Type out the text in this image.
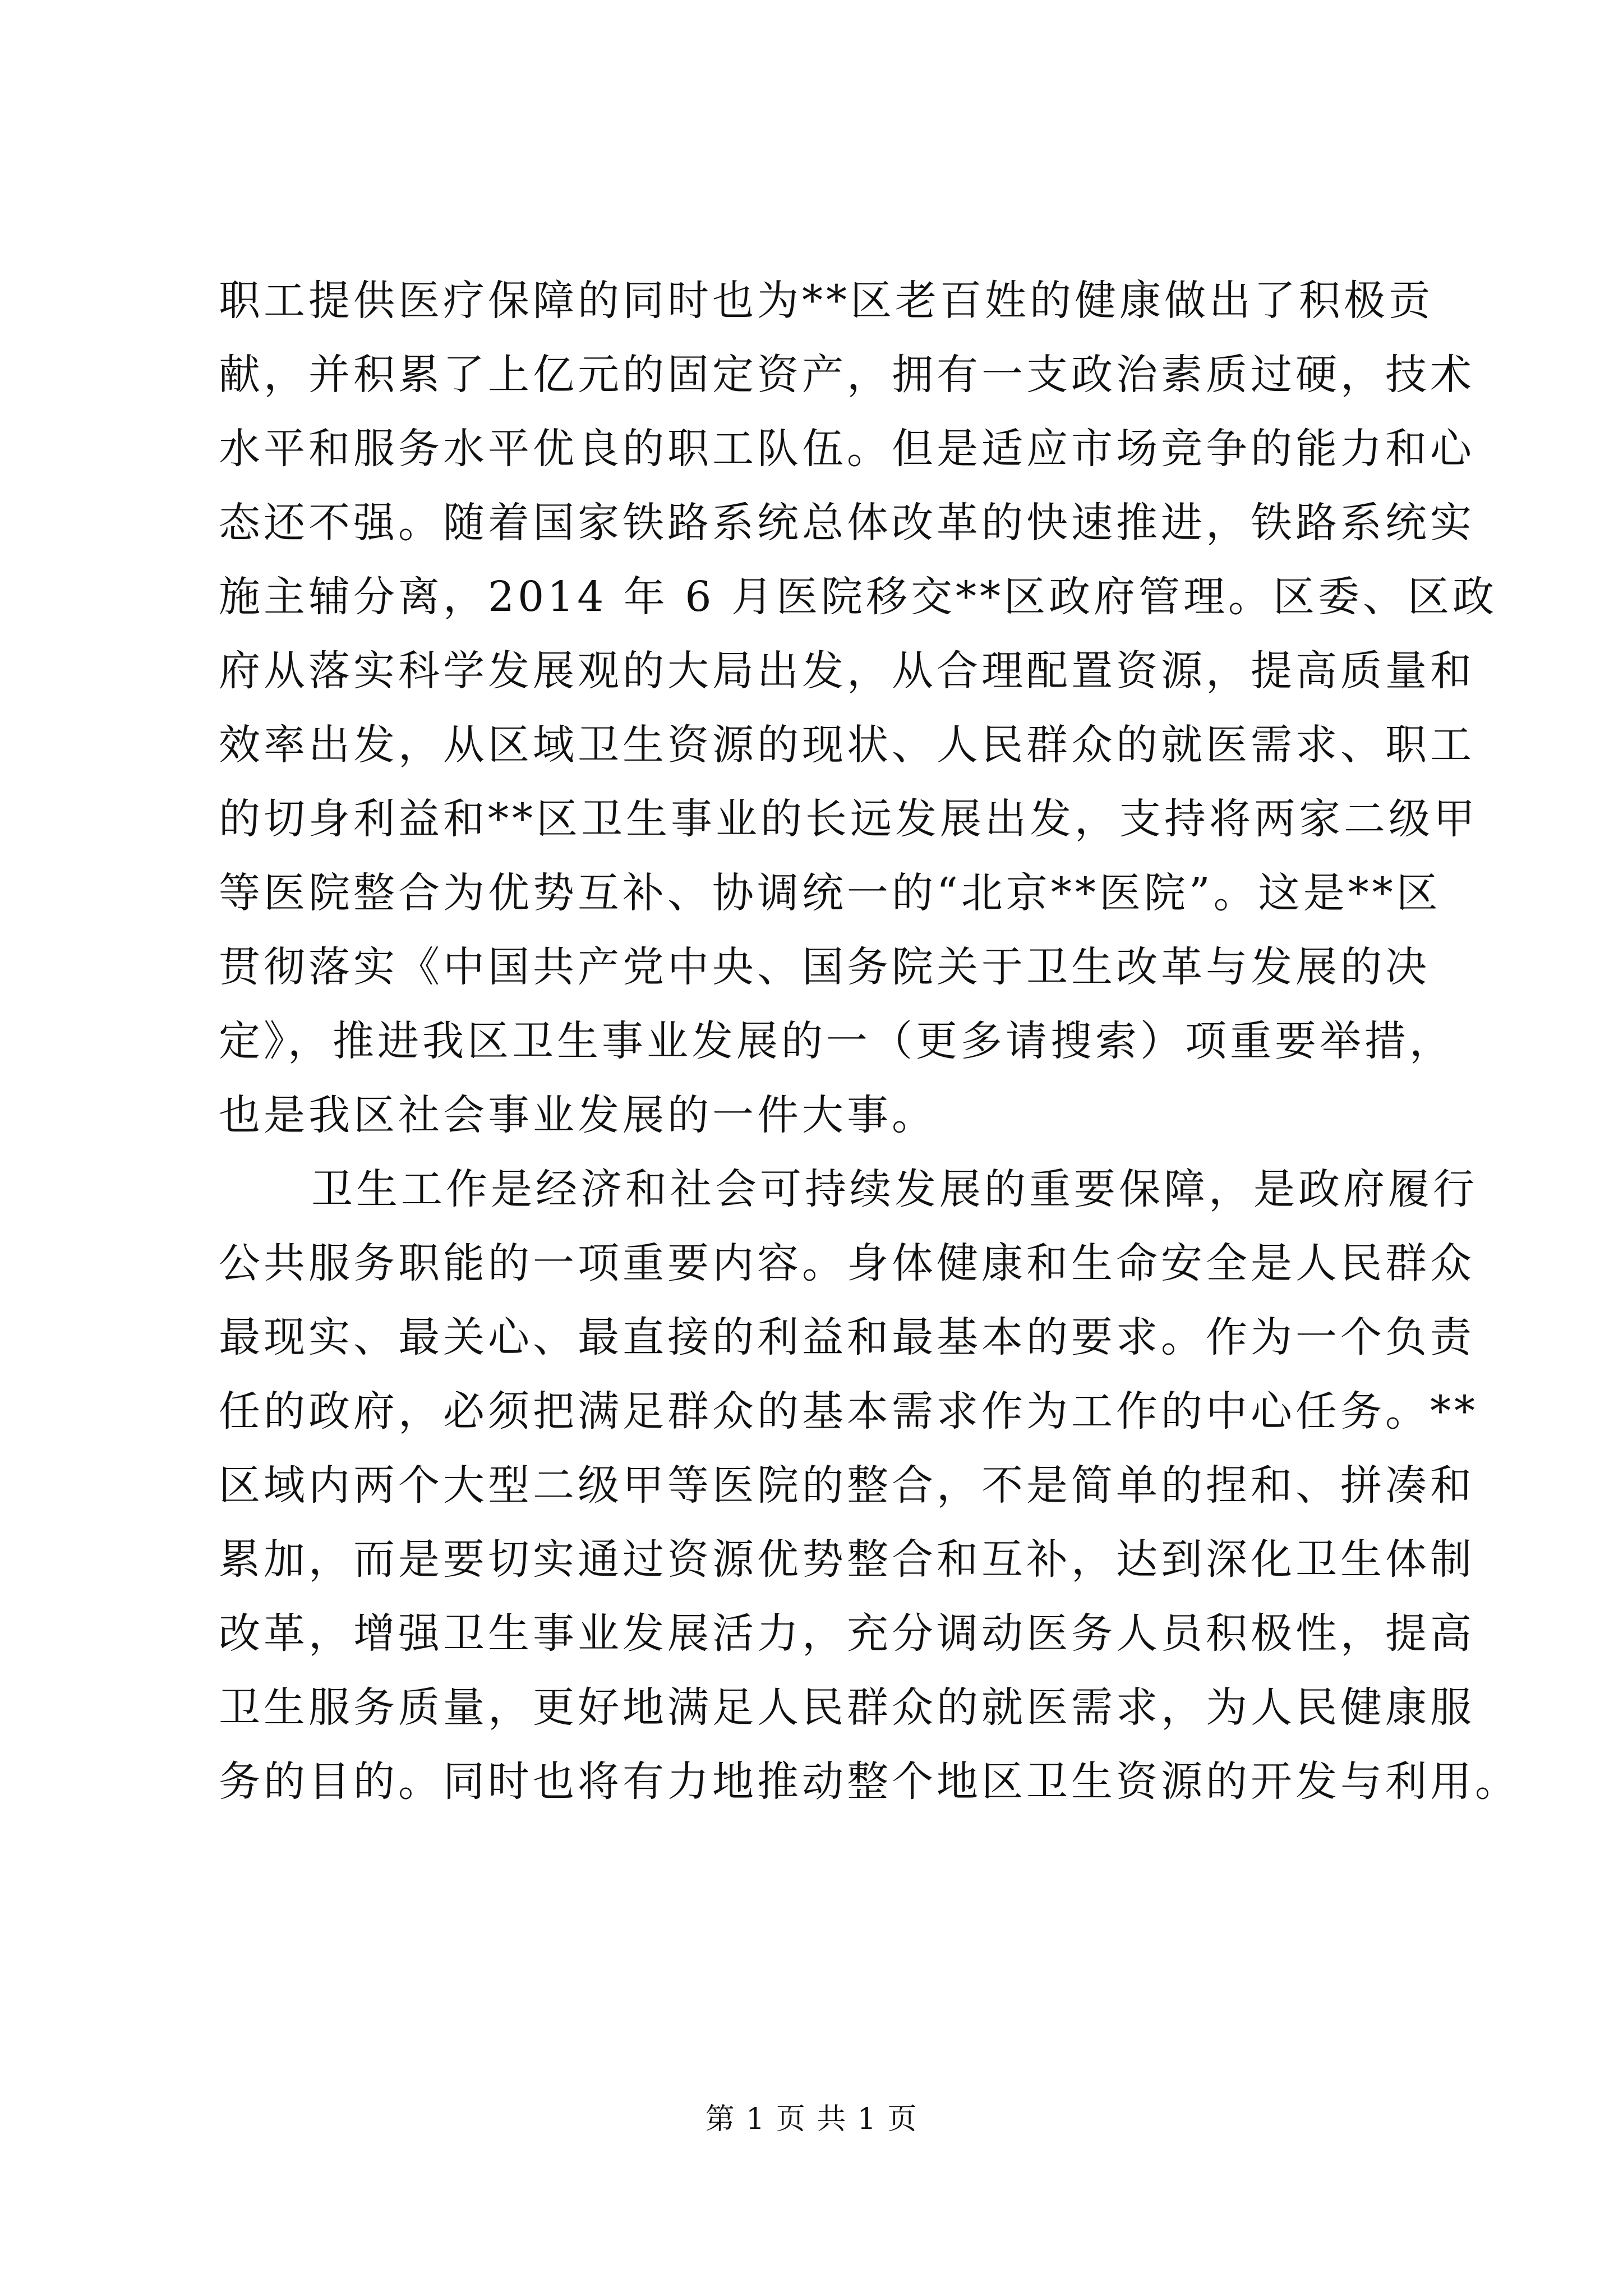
职工提供医疗保障的同时也为**区老百姓的健康做出了积极贡
献，并积累了上亿元的固定资产，拥有一支政治素质过硬，技术
水平和服务水平优良的职工队伍。但是适应市场竞争的能力和心
态还不强。随着国家铁路系统总体改革的快速推进，铁路系统实
施主辅分离，2014 年 6 月医院移交**区政府管理。区委、区政
府从落实科学发展观的大局出发，从合理配置资源，提高质量和
效率出发，从区域卫生资源的现状、人民群众的就医需求、职工
的切身利益和**区卫生事业的长远发展出发，支持将两家二级甲
等医院整合为优势互补、协调统一的“北京**医院”。这是**区
贯彻落实《中国共产党中央、国务院关于卫生改革与发展的决
定》，推进我区卫生事业发展的一（更多请搜索）项重要举措，
也是我区社会事业发展的一件大事。
卫生工作是经济和社会可持续发展的重要保障，是政府履行
公共服务职能的一项重要内容。身体健康和生命安全是人民群众
最现实、最关心、最直接的利益和最基本的要求。作为一个负责
任的政府，必须把满足群众的基本需求作为工作的中心任务。**
区域内两个大型二级甲等医院的整合，不是简单的捏和、拼凑和
累加，而是要切实通过资源优势整合和互补，达到深化卫生体制
改革，增强卫生事业发展活力，充分调动医务人员积极性，提高
卫生服务质量，更好地满足人民群众的就医需求，为人民健康服
务的目的。同时也将有力地推动整个地区卫生资源的开发与利用。
第 1 页 共 1 页
